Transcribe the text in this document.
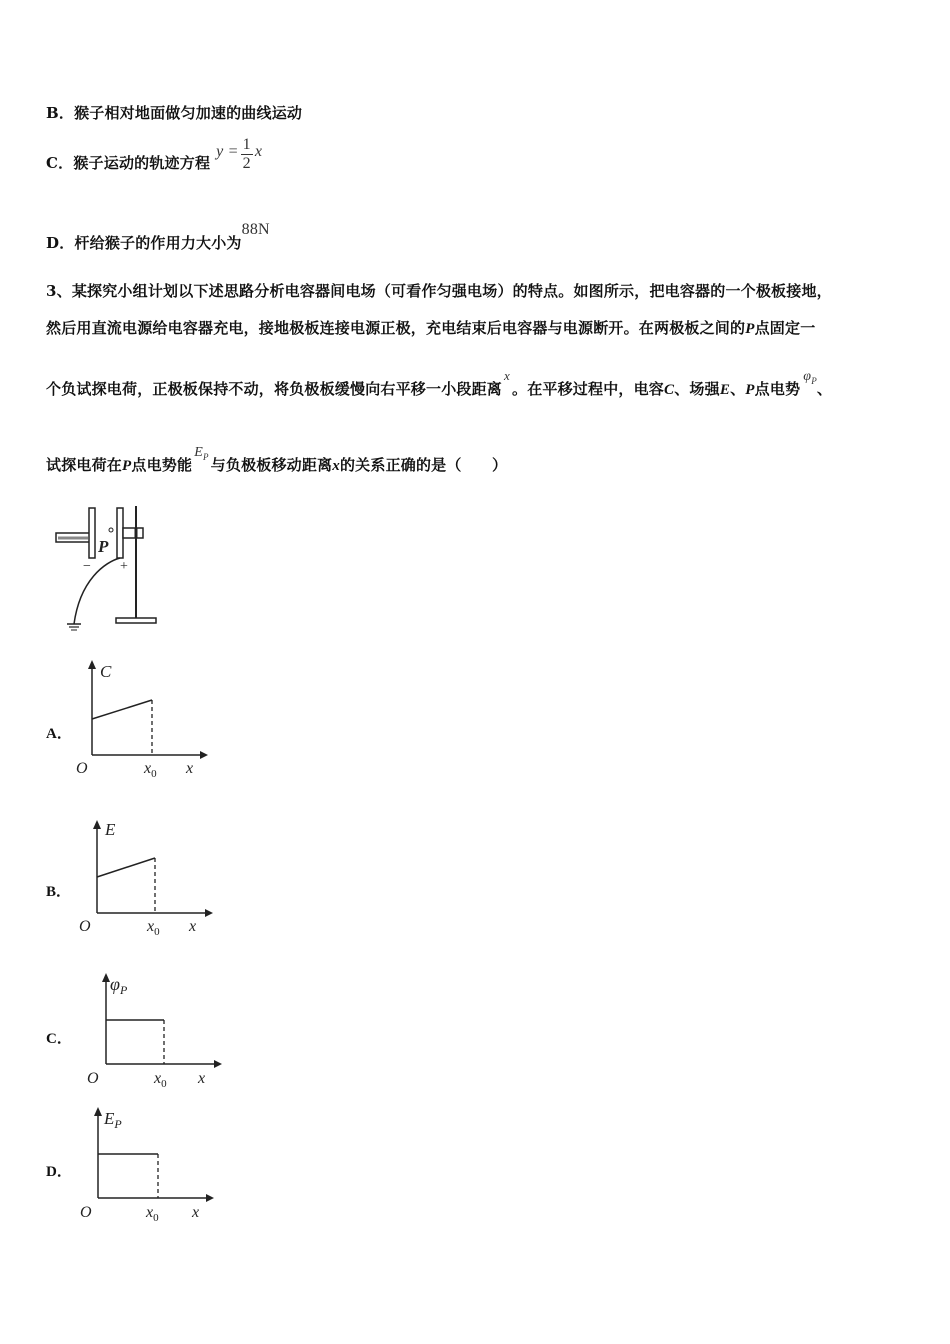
B．猴子相对地面做匀加速的曲线运动
C． 猴子运动的轨迹方程
$y = \frac{1}{2}$ x
D．杆给猴子的作用力大小为88N
3、某探究小组计划以下述思路分析电容器间电场（可看作匀强电场）的特点。如图所示，把电容器的一个极板接地，
然后用直流电源给电容器充电，接地极板连接电源正极，充电结束后电容器与电源断开。在两极板之间的P点固定一
个负试探电荷，正极板保持不动，将负极板缓慢向右平移一小段距离x。在平移过程中，电容C、场强E、P点电势$\varphi_P$、
试探电荷在P点电势能$E_P$ 与负极板移动距离x的关系正确的是（　　）
P
− +
A．
B．
C．
D．
C
O	$x_0$ x
E
O	$x_0$ x
$\varphi_P$
O	$x_0$ x
$E_P$
O	$x_0$ x
